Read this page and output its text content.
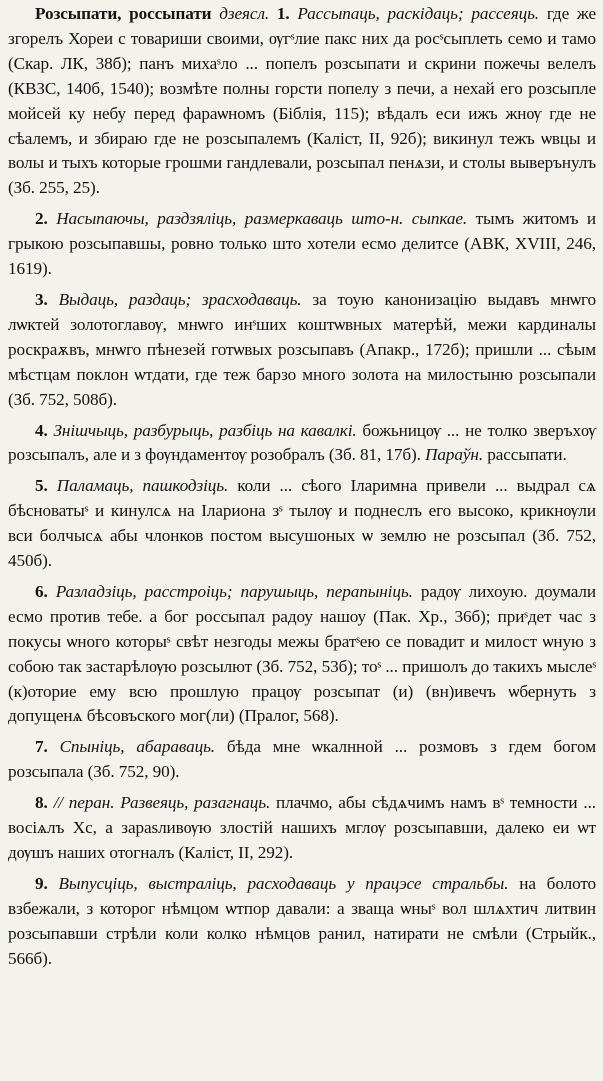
Розсыпати, россыпати дзеясл. 1. Рассыпаць, раскідаць; рассеяць. где же згорелъ Хореи с товариши своими, ѹгˢлие пакс них да росˢсыплеть семо и тамо (Скар. ЛК, 38б); панъ михаˢло ... попелъ розсыпати и скрини пожечы велелъ (КВЗС, 140б, 1540); возмѣте полны горсти попелу з печи, а нехай его розсыпле мойсей ку небу перед фараѡномъ (Біблія, 115); вѣдалъ еси ижъ жнѹ где не сѣалемъ, и збираю где не розсыпалемъ (Каліст, II, 92б); викинул тежъ ѡвцы и волы и тыхъ которые грошми гандлевали, розсыпал пенѧзи, и столы выверънулъ (Зб. 255, 25).

2. Насыпаючы, раздзяліць, размеркаваць што-н. сыпкае. тымъ житомъ и грыкою розсыпавшы, ровно только што хотели есмо делитсе (АВК, XVIII, 246, 1619).

3. Выдаць, раздаць; зрасходаваць. за тоую канонизацію выдавъ мнѡго лѡктей золотоглавѹ, мнѡго инˢших коштѡвных матерѣй, межи кардиналы роскраѫвъ, мнѡго пѣнезей готѡвых розсыпавъ (Апакр., 172б); пришли ... сѣым мѣстцам поклон ѡтдати, где теж барзо много золота на милостыню розсыпали (Зб. 752, 508б).

4. Знішчыць, разбурыць, разбіць на кавалкі. божьницѹ ... не толко зверъхѹ розсыпалъ, але и з фѹндаментѹ розобралъ (Зб. 81, 17б). Параўн. рассыпати.

5. Паламаць, пашкодзіць. коли ... сѣого Іларимна привели ... выдрал сѧ бѣсноватыˢ и кинулсѧ на Іларионa зˢ тылѹ и поднеслъ его высоко, крикнѹли вси бoлчысѧ абы члонков постом высушоных ѡ землю не розсыпал (Зб. 752, 450б).

6. Разладзіць, расстроіць; парушыць, перапыніць. радѹ лихоую. доумали есмо против тебе. а бог россыпал радоу нашоу (Пак. Хр., 36б); приˢдет час з покусы ѡного которыˢ свѣт незгоды межы братˢею се повадит и милост ѡную з собою так застарѣлѹю розсылют (Зб. 752, 53б); тоˢ ... пришолъ до такихъ мыслеˢ (к)оторие ему всю прошлую працѹ розсыпат (и) (вн)ивечъ ѡбернуть з допущенѧ бѣсовъского мог(ли) (Пралог, 568).

7. Спыніць, абараваць. бѣда мне ѡкалнной ... розмовъ з гдем богом розсыпала (Зб. 752, 90).

8. // перан. Развеяць, разагнаць. плачмо, абы сѣдѧчимъ намъ вˢ темности ... восіѧлъ Хс, а зараѕливѹю злостій нашихъ мглѹ розсыпавши, далеко еи ѡт дѹшъ наших отогналъ (Каліст, II, 292).

9. Выпусціць, выстраліць, расходаваць у працэсе стральбы. на болото взбежали, з которог нѣмцом ѡтпор давали: а зваща ѡныˢ вол шлѧхтич литвин розсыпавши стрѣли коли колко нѣмцов ранил, натирати не смѣли (Стрыйк., 566б).
